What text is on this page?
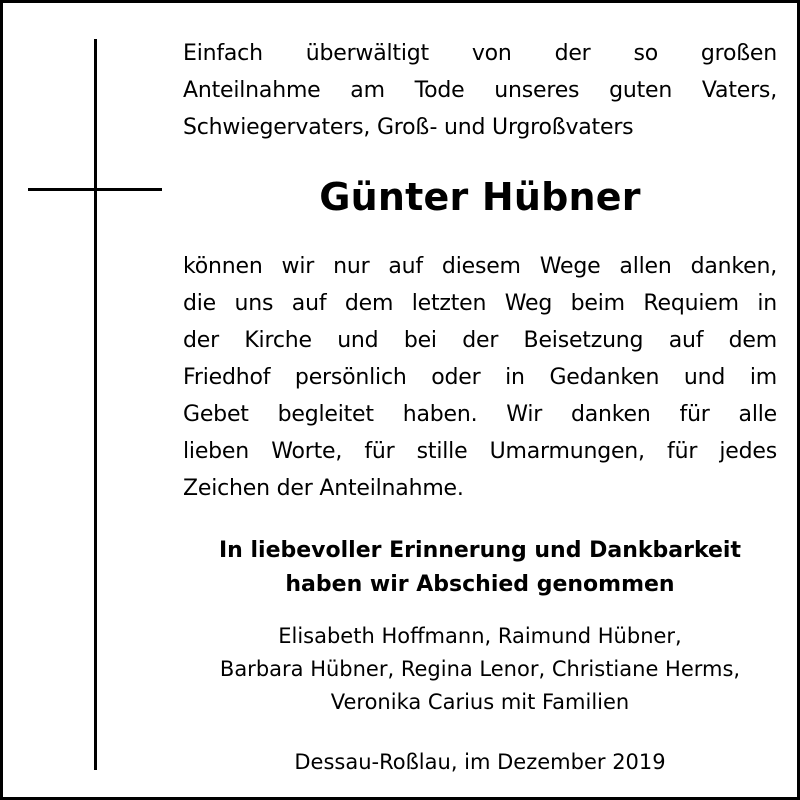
Einfach überwältigt von der so großen
Anteilnahme am Tode unseres guten Vaters,
Schwiegervaters, Groß- und Urgroßvaters
Günter Hübner
können wir nur auf diesem Wege allen danken,
die uns auf dem letzten Weg beim Requiem in
der Kirche und bei der Beisetzung auf dem
Friedhof persönlich oder in Gedanken und im
Gebet begleitet haben. Wir danken für alle
lieben Worte, für stille Umarmungen, für jedes
Zeichen der Anteilnahme.
In liebevoller Erinnerung und Dankbarkeit
haben wir Abschied genommen
Elisabeth Hoffmann, Raimund Hübner,
Barbara Hübner, Regina Lenor, Christiane Herms,
Veronika Carius mit Familien
Dessau-Roßlau, im Dezember 2019
